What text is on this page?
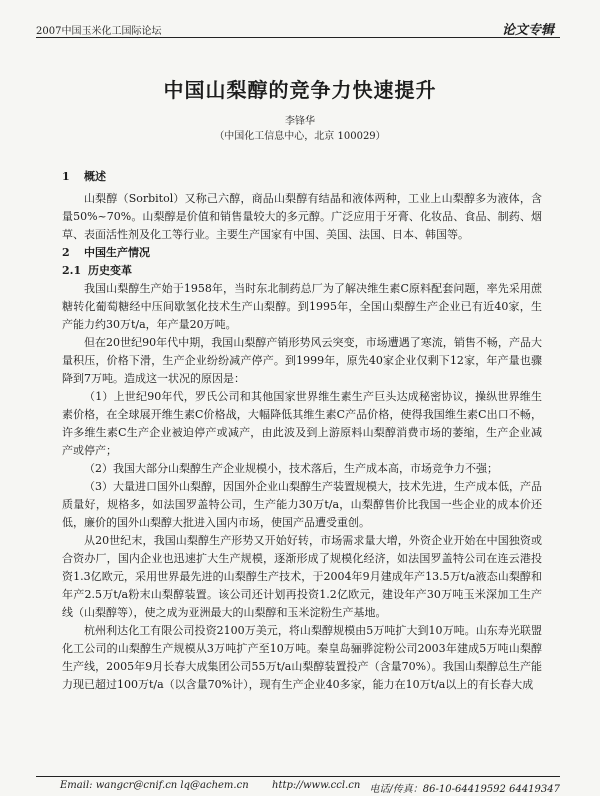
2007中国玉米化工国际论坛	论文专辑
中国山梨醇的竞争力快速提升
李锋华
（中国化工信息中心，北京 100029）

1 概述

山梨醇（Sorbitol）又称己六醇，商品山梨醇有结晶和液体两种，工业上山梨醇多为液体，含量50%~70%。山梨醇是价值和销售量较大的多元醇。广泛应用于牙膏、化妆品、食品、制药、烟草、表面活性剂及化工等行业。主要生产国家有中国、美国、法国、日本、韩国等。

2 中国生产情况

2.1 历史变革

我国山梨醇生产始于1958年，当时东北制药总厂为了解决维生素C原料配套问题，率先采用蔗糖转化葡萄糖经中压间歇氢化技术生产山梨醇。到1995年，全国山梨醇生产企业已有近40家，生产能力约30万t/a，年产量20万吨。

但在20世纪90年代中期，我国山梨醇产销形势风云突变，市场遭遇了寒流，销售不畅，产品大量积压，价格下滑，生产企业纷纷减产停产。到1999年，原先40家企业仅剩下12家，年产量也骤降到7万吨。造成这一状况的原因是：

（1）上世纪90年代，罗氏公司和其他国家世界维生素生产巨头达成秘密协议，操纵世界维生素价格，在全球展开维生素C价格战，大幅降低其维生素C产品价格，使得我国维生素C出口不畅，许多维生素C生产企业被迫停产或减产，由此波及到上游原料山梨醇消费市场的萎缩，生产企业减产或停产；

（2）我国大部分山梨醇生产企业规模小，技术落后，生产成本高，市场竞争力不强；

（3）大量进口国外山梨醇，因国外企业山梨醇生产装置规模大，技术先进，生产成本低，产品质量好，规格多，如法国罗盖特公司，生产能力30万t/a，山梨醇售价比我国一些企业的成本价还低，廉价的国外山梨醇大批进入国内市场，使国产品遭受重创。

从20世纪末，我国山梨醇生产形势又开始好转，市场需求量大增，外资企业开始在中国独资或合资办厂，国内企业也迅速扩大生产规模，逐渐形成了规模化经济，如法国罗盖特公司在连云港投资1.3亿欧元，采用世界最先进的山梨醇生产技术，于2004年9月建成年产13.5万t/a液态山梨醇和年产2.5万t/a粉末山梨醇装置。该公司还计划再投资1.2亿欧元，建设年产30万吨玉米深加工生产线（山梨醇等），使之成为亚洲最大的山梨醇和玉米淀粉生产基地。

杭州利达化工有限公司投资2100万美元，将山梨醇规模由5万吨扩大到10万吨。山东寿光联盟化工公司的山梨醇生产规模从3万吨扩产至10万吨。秦皇岛骊骅淀粉公司2003年建成5万吨山梨醇生产线，2005年9月长春大成集团公司55万t/a山梨醇装置投产（含量70%）。我国山梨醇总生产能力现已超过100万t/a（以含量70%计），现有生产企业40多家，能力在10万t/a以上的有长春大成

Email: wangcr@cnif.cn lq@achem.cn http://www.ccl.cn 电话/传真：86-10-64419592 64419347
